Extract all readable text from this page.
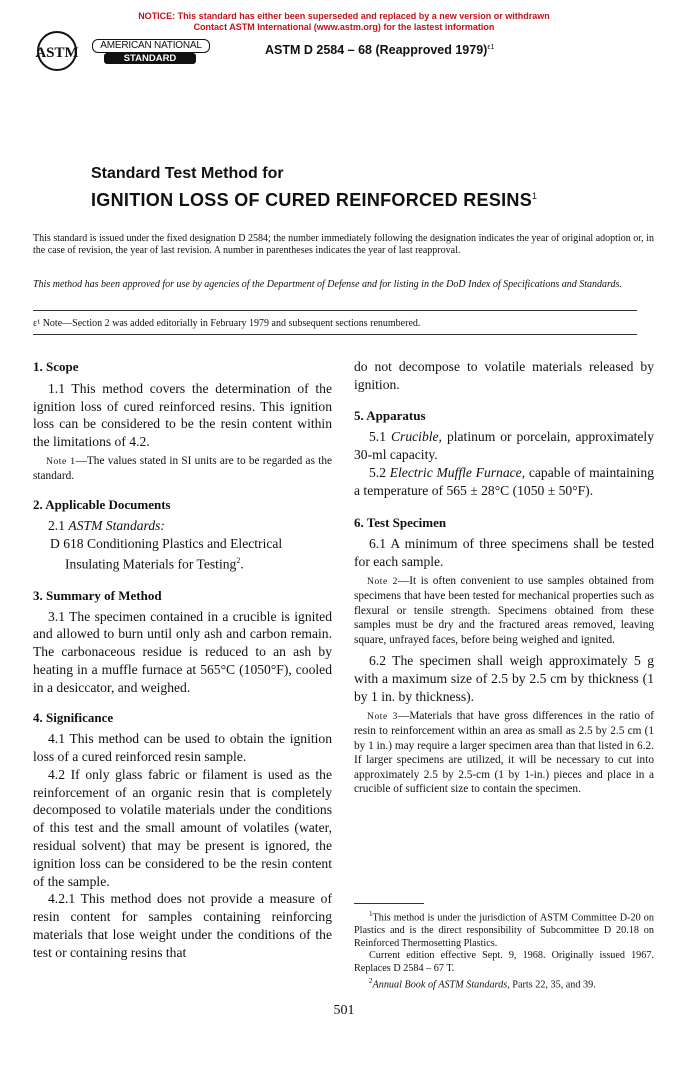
NOTICE: This standard has either been superseded and replaced by a new version or withdrawn
Contact ASTM International (www.astm.org) for the lastest information
ASTM	AMERICAN NATIONAL
STANDARD
ASTM D 2584 – 68 (Reapproved 1979)$^{\varepsilon 1}$
Standard Test Method for
IGNITION LOSS OF CURED REINFORCED RESINS$^1$
This standard is issued under the fixed designation D 2584; the number immediately following the designation indicates the year of original adoption or, in the case of revision, the year of last revision. A number in parentheses indicates the year of last reapproval.
This method has been approved for use by agencies of the Department of Defense and for listing in the DoD Index of Specifications and Standards.
ε¹ Note—Section 2 was added editorially in February 1979 and subsequent sections renumbered.

1. Scope

1.1 This method covers the determination of the ignition loss of cured reinforced resins. This ignition loss can be considered to be the resin content within the limitations of 4.2.

Note 1—The values stated in SI units are to be regarded as the standard.

2. Applicable Documents

2.1 ASTM Standards:

D 618 Conditioning Plastics and Electrical Insulating Materials for Testing$^2$.

3. Summary of Method

3.1 The specimen contained in a crucible is ignited and allowed to burn until only ash and carbon remain. The carbonaceous residue is reduced to an ash by heating in a muffle furnace at 565°C (1050°F), cooled in a desiccator, and weighed.

4. Significance

4.1 This method can be used to obtain the ignition loss of a cured reinforced resin sample.

4.2 If only glass fabric or filament is used as the reinforcement of an organic resin that is completely decomposed to volatile materials under the conditions of this test and the small amount of volatiles (water, residual solvent) that may be present is ignored, the ignition loss can be considered to be the resin content of the sample.

4.2.1 This method does not provide a measure of resin content for samples containing reinforcing materials that lose weight under the conditions of the test or containing resins that

do not decompose to volatile materials released by ignition.

5. Apparatus

5.1 Crucible, platinum or porcelain, approximately 30-ml capacity.

5.2 Electric Muffle Furnace, capable of maintaining a temperature of 565 ± 28°C (1050 ± 50°F).

6. Test Specimen

6.1 A minimum of three specimens shall be tested for each sample.

Note 2—It is often convenient to use samples obtained from specimens that have been tested for mechanical properties such as flexural or tensile strength. Specimens obtained from these samples must be dry and the fractured areas removed, leaving square, unfrayed faces, before being weighed and ignited.

6.2 The specimen shall weigh approximately 5 g with a maximum size of 2.5 by 2.5 cm by thickness (1 by 1 in. by thickness).

Note 3—Materials that have gross differences in the ratio of resin to reinforcement within an area as small as 2.5 by 2.5 cm (1 by 1 in.) may require a larger specimen area than that listed in 6.2. If larger specimens are utilized, it will be necessary to cut into approximately 2.5 by 2.5-cm (1 by 1-in.) pieces and place in a crucible of sufficient size to contain the specimen.

$^1$This method is under the jurisdiction of ASTM Committee D-20 on Plastics and is the direct responsibility of Subcommittee D 20.18 on Reinforced Thermosetting Plastics.

Current edition effective Sept. 9, 1968. Originally issued 1967. Replaces D 2584 – 67 T.

$^2$Annual Book of ASTM Standards, Parts 22, 35, and 39.

501
